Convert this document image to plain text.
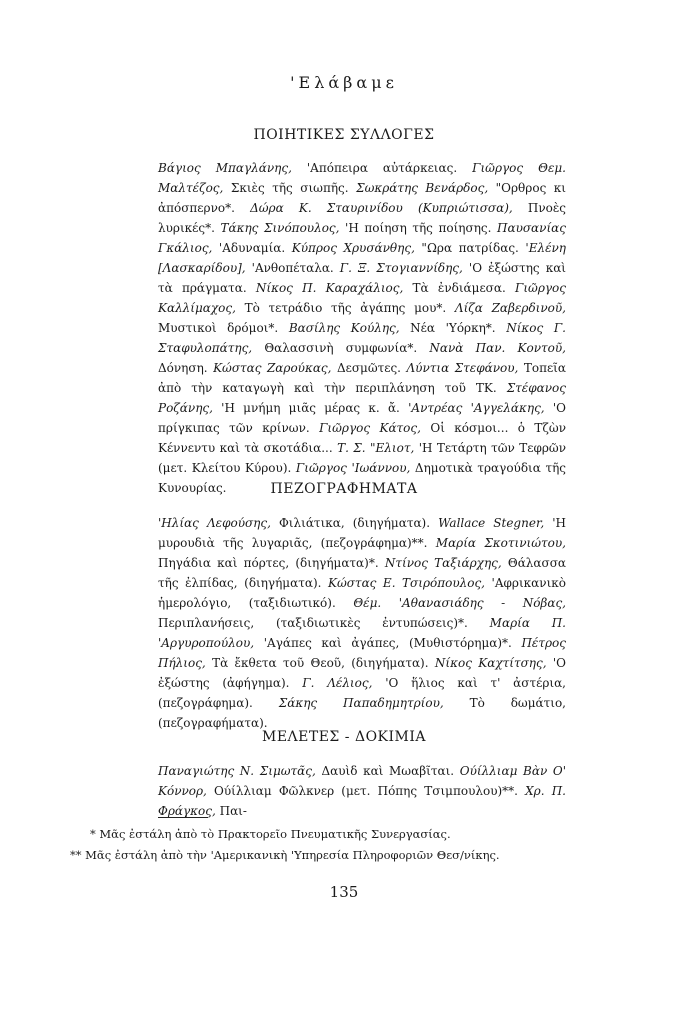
'Ελάβαμε
ΠΟΙΗΤΙΚΕΣ ΣΥΛΛΟΓΕΣ
Βάγιος Μπαγλάνης, 'Απόπειρα αὐτάρκειας. Γιῶργος Θεμ. Μαλτέζος, Σκιὲς τῆς σιωπῆς. Σωκράτης Βενάρδος, "Ορθρος κι ἀπόσπερνο*. Δώρα Κ. Σταυρινίδου (Κυπριώτισσα), Πνοὲς λυρικές*. Τάκης Σινόπουλος, 'Η ποίηση τῆς ποίησης. Παυσανίας Γκάλιος, 'Αδυναμία. Κύπρος Χρυσάνθης, "Ωρα πατρίδας. 'Ελένη [Λασκαρίδου], 'Ανθοπέταλα. Γ. Ξ. Στογιαννίδης, 'Ο ἐξώστης καὶ τὰ πράγματα. Νίκος Π. Καραχάλιος, Τὰ ἐνδιάμεσα. Γιῶργος Καλλίμαχος, Τὸ τετράδιο τῆς ἀγάπης μου*. Λίζα Ζαβερδινοῦ, Μυστικοὶ δρόμοι*. Βασίλης Κούλης, Νέα 'Υόρκη*. Νίκος Γ. Σταφυλοπάτης, Θαλασσινὴ συμφωνία*. Νανὰ Παν. Κοντοῦ, Δόνηση. Κώστας Ζαρούκας, Δεσμῶτες. Λύντια Στεφάνου, Τοπεῖα ἀπὸ τὴν καταγωγὴ καὶ τὴν περιπλάνηση τοῦ ΤΚ. Στέφανος Ροζάνης, 'Η μνήμη μιᾶς μέρας κ. ἄ. 'Αντρέας 'Αγγελάκης, 'Ο πρίγκιπας τῶν κρίνων. Γιῶργος Κάτος, Οἱ κόσμοι... ὁ Τζὼν Κέννεντυ καὶ τὰ σκοτάδια... Τ. Σ. "Ελιοτ, 'Η Τετάρτη τῶν Τεφρῶν (μετ. Κλείτου Κύρου). Γιῶργος 'Ιωάννου, Δημοτικὰ τραγούδια τῆς Κυνουρίας.	ΠΕΖΟΓΡΑΦΗΜΑΤΑ
'Ηλίας Λεφούσης, Φιλιάτικα, (διηγήματα). Wallace Stegner, 'Η μυρουδιὰ τῆς λυγαριᾶς, (πεζογράφημα)**. Μαρία Σκοτινιώτου, Πηγάδια καὶ πόρτες, (διηγήματα)*. Ντίνος Ταξιάρχης, Θάλασσα τῆς ἐλπίδας, (διηγήματα). Κώστας Ε. Τσιρόπουλος, 'Αφρικανικὸ ἡμερολόγιο, (ταξιδιωτικό). Θέμ. 'Αθανασιάδης - Νόβας, Περιπλανήσεις, (ταξιδιωτικὲς ἐντυπώσεις)*. Μαρία Π. 'Αργυροπούλου, 'Αγάπες καὶ ἀγάπες, (Μυθιστόρημα)*. Πέτρος Πήλιος, Τὰ ἔκθετα τοῦ Θεοῦ, (διηγήματα). Νίκος Καχτίτσης, 'Ο ἐξώστης (ἀφήγημα). Γ. Λέλιος, 'Ο ἥλιος καὶ τ' ἀστέρια, (πεζογράφημα). Σάκης Παπαδημητρίου, Τὸ δωμάτιο, (πεζογραφήματα).
ΜΕΛΕΤΕΣ - ΔΟΚΙΜΙΑ
Παναγιώτης Ν. Σιμωτᾶς, Δαυὶδ καὶ Μωαβῖται. Ούίλλιαμ Βὰν Ο' Κόννορ, Ούίλλιαμ Φῶλκνερ (μετ. Πόπης Τσιμπουλου)**. Χρ. Π. Φράγκος, Παι-
* Μᾶς ἐστάλη ἀπὸ τὸ Πρακτορεῖο Πνευματικῆς Συνεργασίας.
** Μᾶς ἐστάλη ἀπὸ τὴν 'Αμερικανικὴ 'Υπηρεσία Πληροφοριῶν Θεσ/νίκης.
135
